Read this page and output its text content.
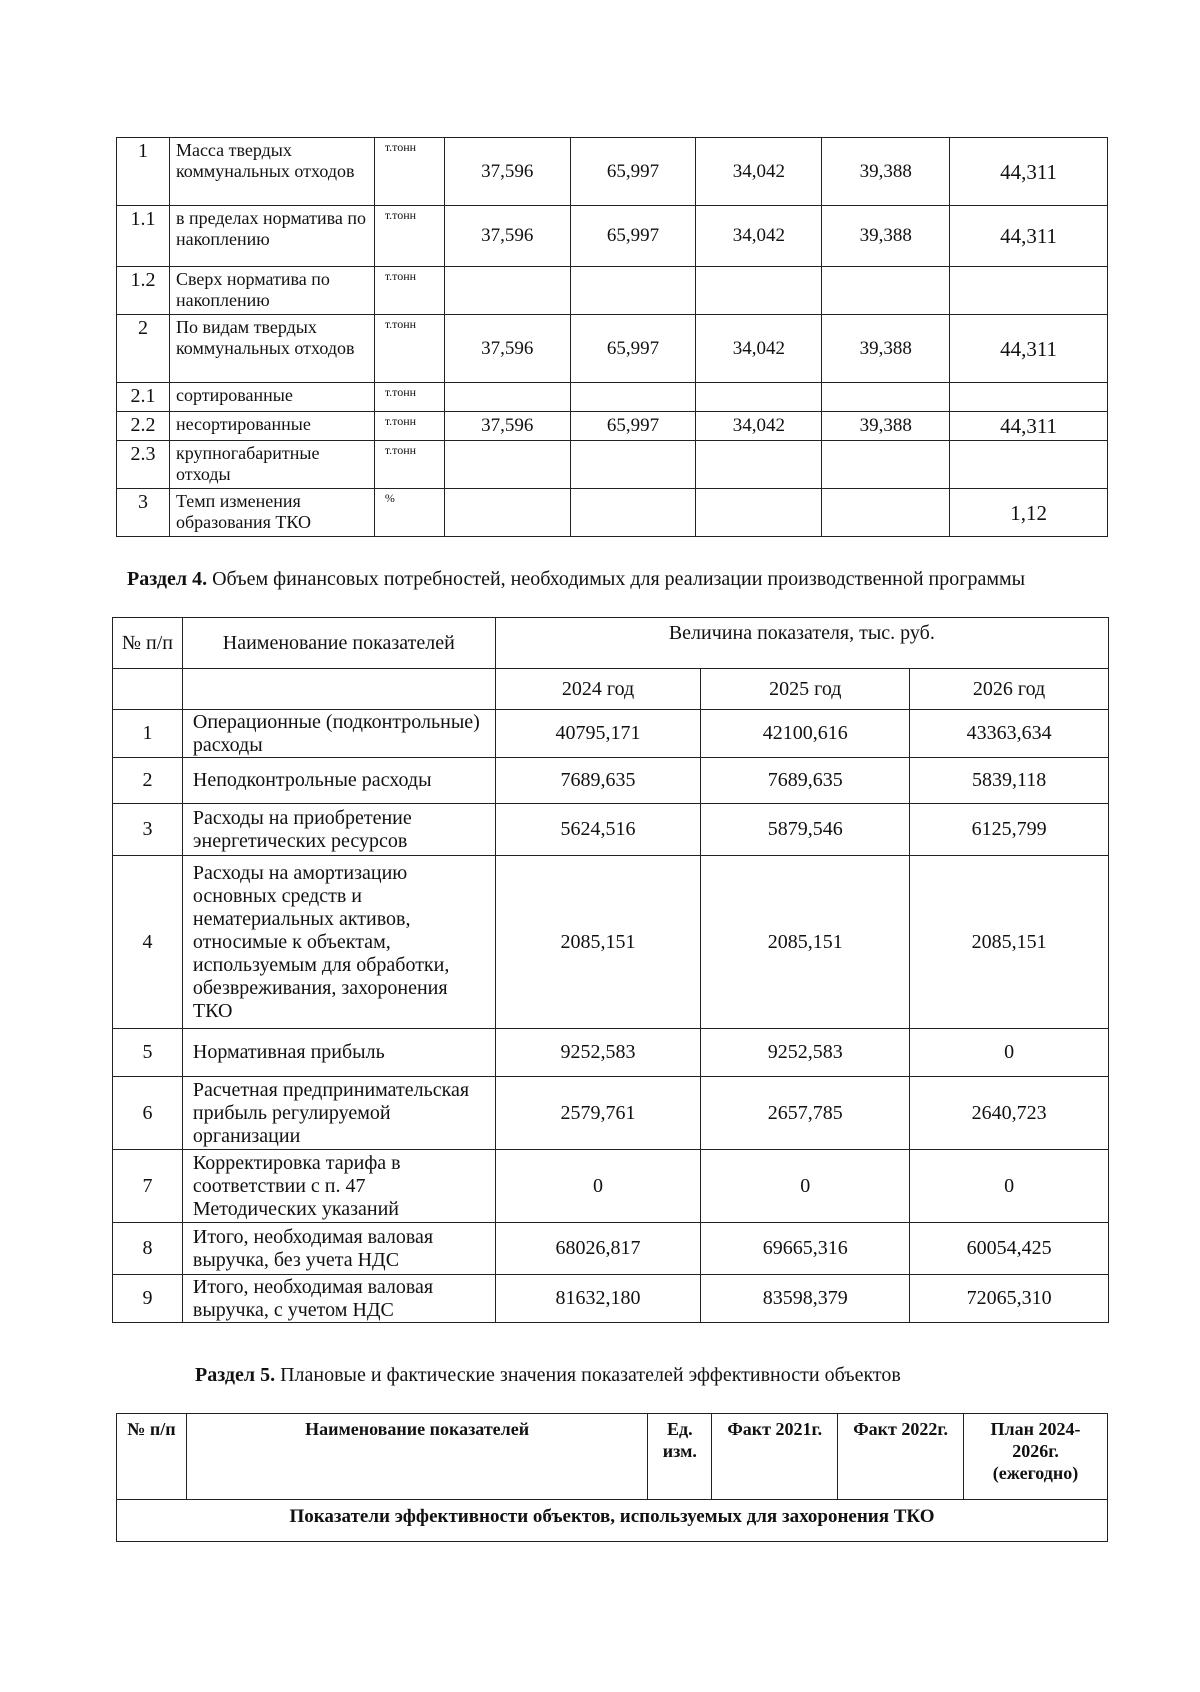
1	Масса твердых коммунальных отходов	т.тонн	37,596	65,997	34,042	39,388	44,311
1.1	в пределах норматива по накоплению	т.тонн	37,596	65,997	34,042	39,388	44,311
1.2	Сверх норматива по накоплению	т.тонн					
2	По видам твердых коммунальных отходов	т.тонн	37,596	65,997	34,042	39,388	44,311
2.1	сортированные	т.тонн					
2.2	несортированные	т.тонн	37,596	65,997	34,042	39,388	44,311
2.3	крупногабаритные отходы	т.тонн					
3	Темп изменения образования ТКО	%					1,12
Раздел 4. Объем финансовых потребностей, необходимых для реализации производственной программы
№ п/п	Наименование показателей	Величина показателя, тыс. руб.		
		2024 год	2025 год	2026 год
1	Операционные (подконтрольные) расходы	40795,171	42100,616	43363,634
2	Неподконтрольные расходы	7689,635	7689,635	5839,118
3	Расходы на приобретение энергетических ресурсов	5624,516	5879,546	6125,799
4	Расходы на амортизацию основных средств и нематериальных активов, относимые к объектам, используемым для обработки, обезвреживания, захоронения ТКО	2085,151	2085,151	2085,151
5	Нормативная прибыль	9252,583	9252,583	0
6	Расчетная предпринимательская прибыль регулируемой организации	2579,761	2657,785	2640,723
7	Корректировка тарифа в соответствии с п. 47 Методических указаний	0	0	0
8	Итого, необходимая валовая выручка, без учета НДС	68026,817	69665,316	60054,425
9	Итого, необходимая валовая выручка, с учетом НДС	81632,180	83598,379	72065,310
Раздел 5. Плановые и фактические значения показателей эффективности объектов
№ п/п	Наименование показателей	Ед. изм.	Факт 2021г.	Факт 2022г.	План 2024-2026г. (ежегодно)
Показатели эффективности объектов, используемых для захоронения ТКО
